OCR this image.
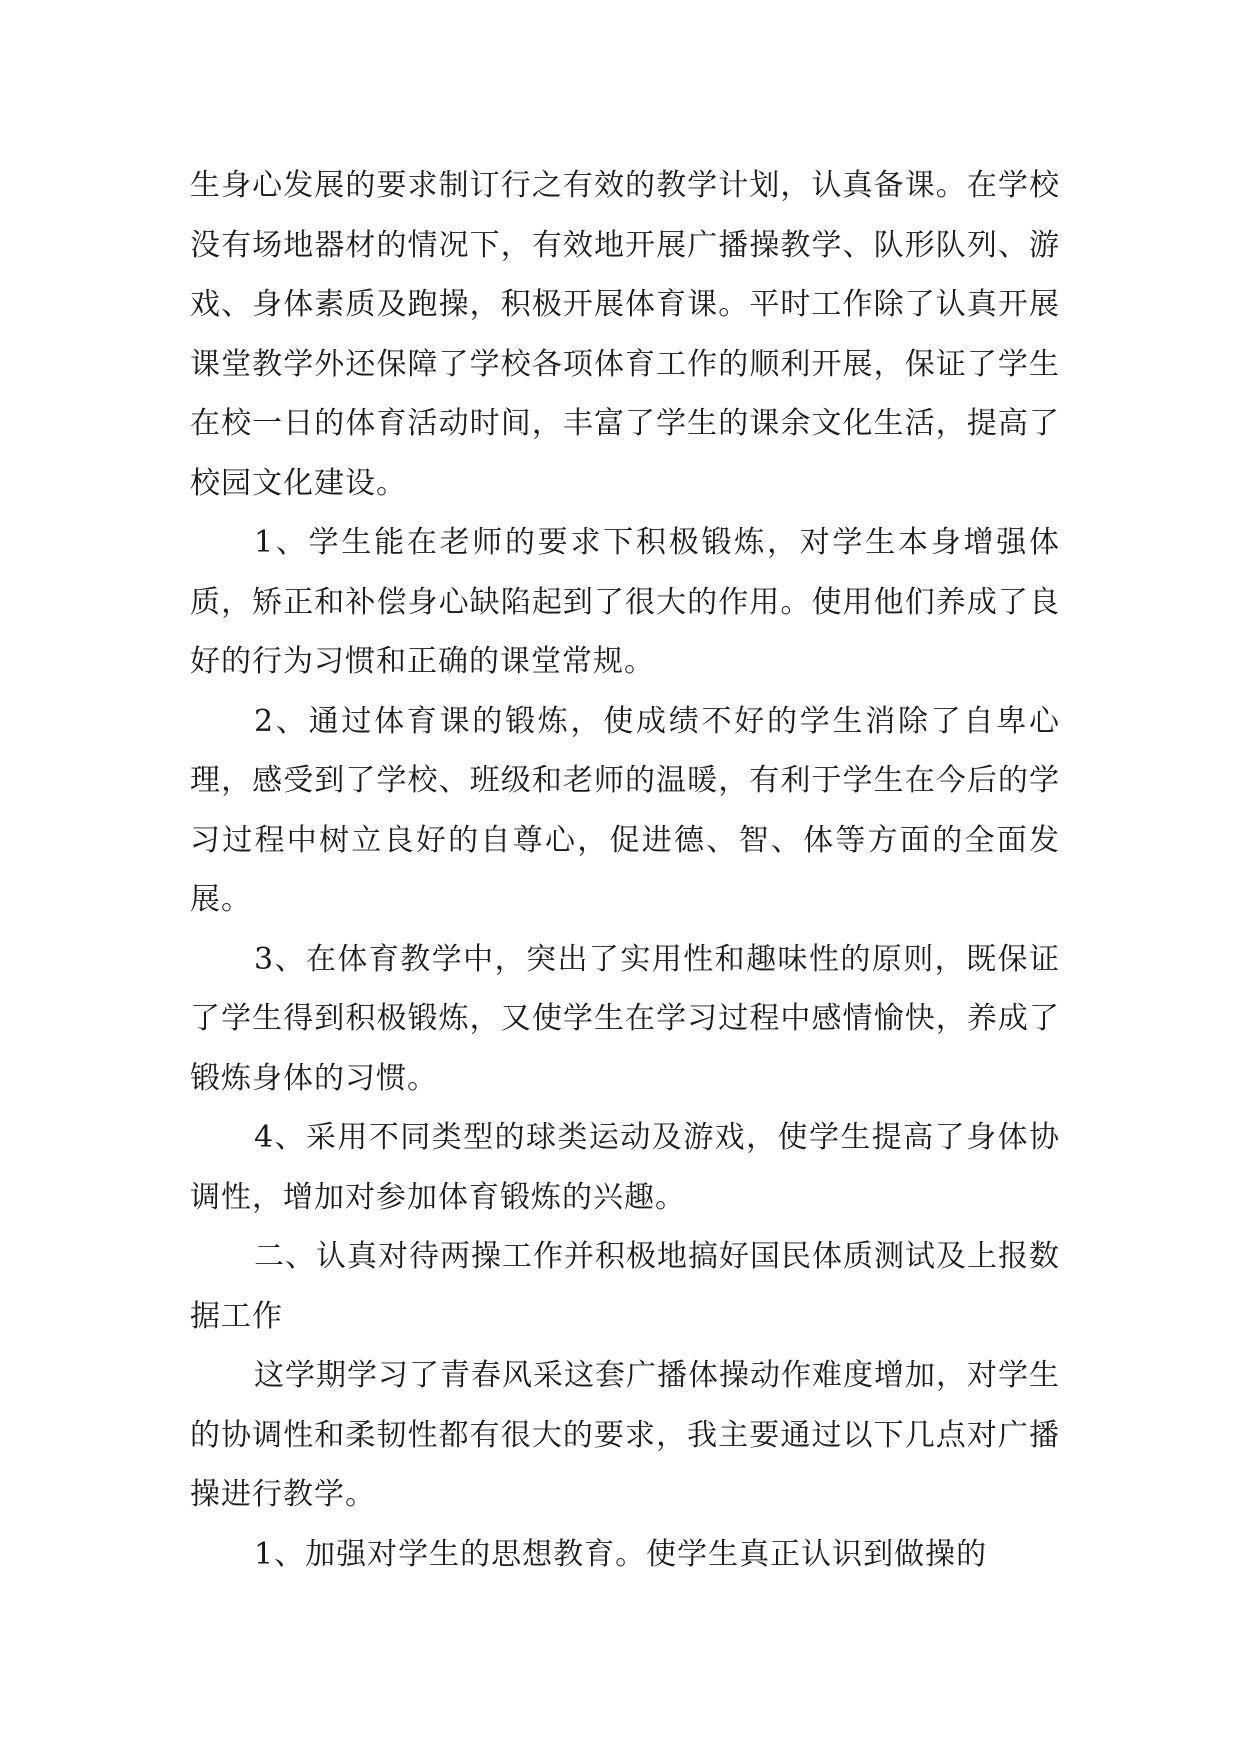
生身心发展的要求制订行之有效的教学计划，认真备课。在学校没有场地器材的情况下，有效地开展广播操教学、队形队列、游戏、身体素质及跑操，积极开展体育课。平时工作除了认真开展课堂教学外还保障了学校各项体育工作的顺利开展，保证了学生在校一日的体育活动时间，丰富了学生的课余文化生活，提高了校园文化建设。

1、学生能在老师的要求下积极锻炼，对学生本身增强体质，矫正和补偿身心缺陷起到了很大的作用。使用他们养成了良好的行为习惯和正确的课堂常规。

2、通过体育课的锻炼，使成绩不好的学生消除了自卑心理，感受到了学校、班级和老师的温暖，有利于学生在今后的学习过程中树立良好的自尊心，促进德、智、体等方面的全面发展。

3、在体育教学中，突出了实用性和趣味性的原则，既保证了学生得到积极锻炼，又使学生在学习过程中感情愉快，养成了锻炼身体的习惯。

4、采用不同类型的球类运动及游戏，使学生提高了身体协调性，增加对参加体育锻炼的兴趣。

二、认真对待两操工作并积极地搞好国民体质测试及上报数据工作

这学期学习了青春风采这套广播体操动作难度增加，对学生的协调性和柔韧性都有很大的要求，我主要通过以下几点对广播操进行教学。

1、加强对学生的思想教育。使学生真正认识到做操的
